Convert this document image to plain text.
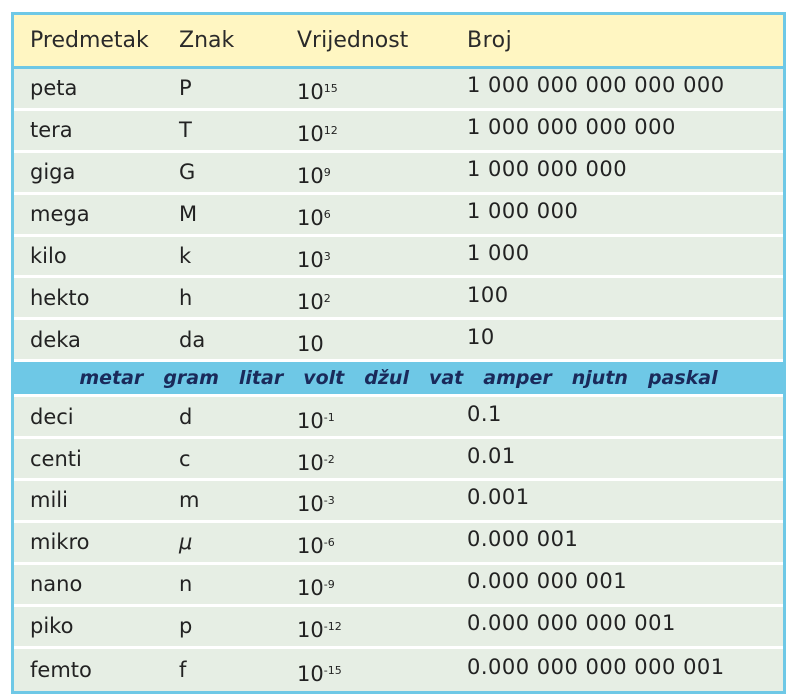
Predmetak	Znak	Vrijednost	Broj
peta	P	$10^{15}$	1 000 000 000 000 000
tera	T	$10^{12}$	1 000 000 000 000
giga	G	$10^9$	1 000 000 000
mega	M	$10^6$	1 000 000
kilo	k	$10^3$	1 000
hekto	h	$10^2$	100
deka	da	10	10
metar gram litar volt džul vat amper njutn paskal
deci	d	$10^{-1}$	0.1
centi	c	$10^{-2}$	0.01
mili	m	$10^{-3}$	0.001
mikro	μ	$10^{-6}$	0.000 001
nano	n	$10^{-9}$	0.000 000 001
piko	p	$10^{-12}$	0.000 000 000 001
femto	f	$10^{-15}$	0.000 000 000 000 001
